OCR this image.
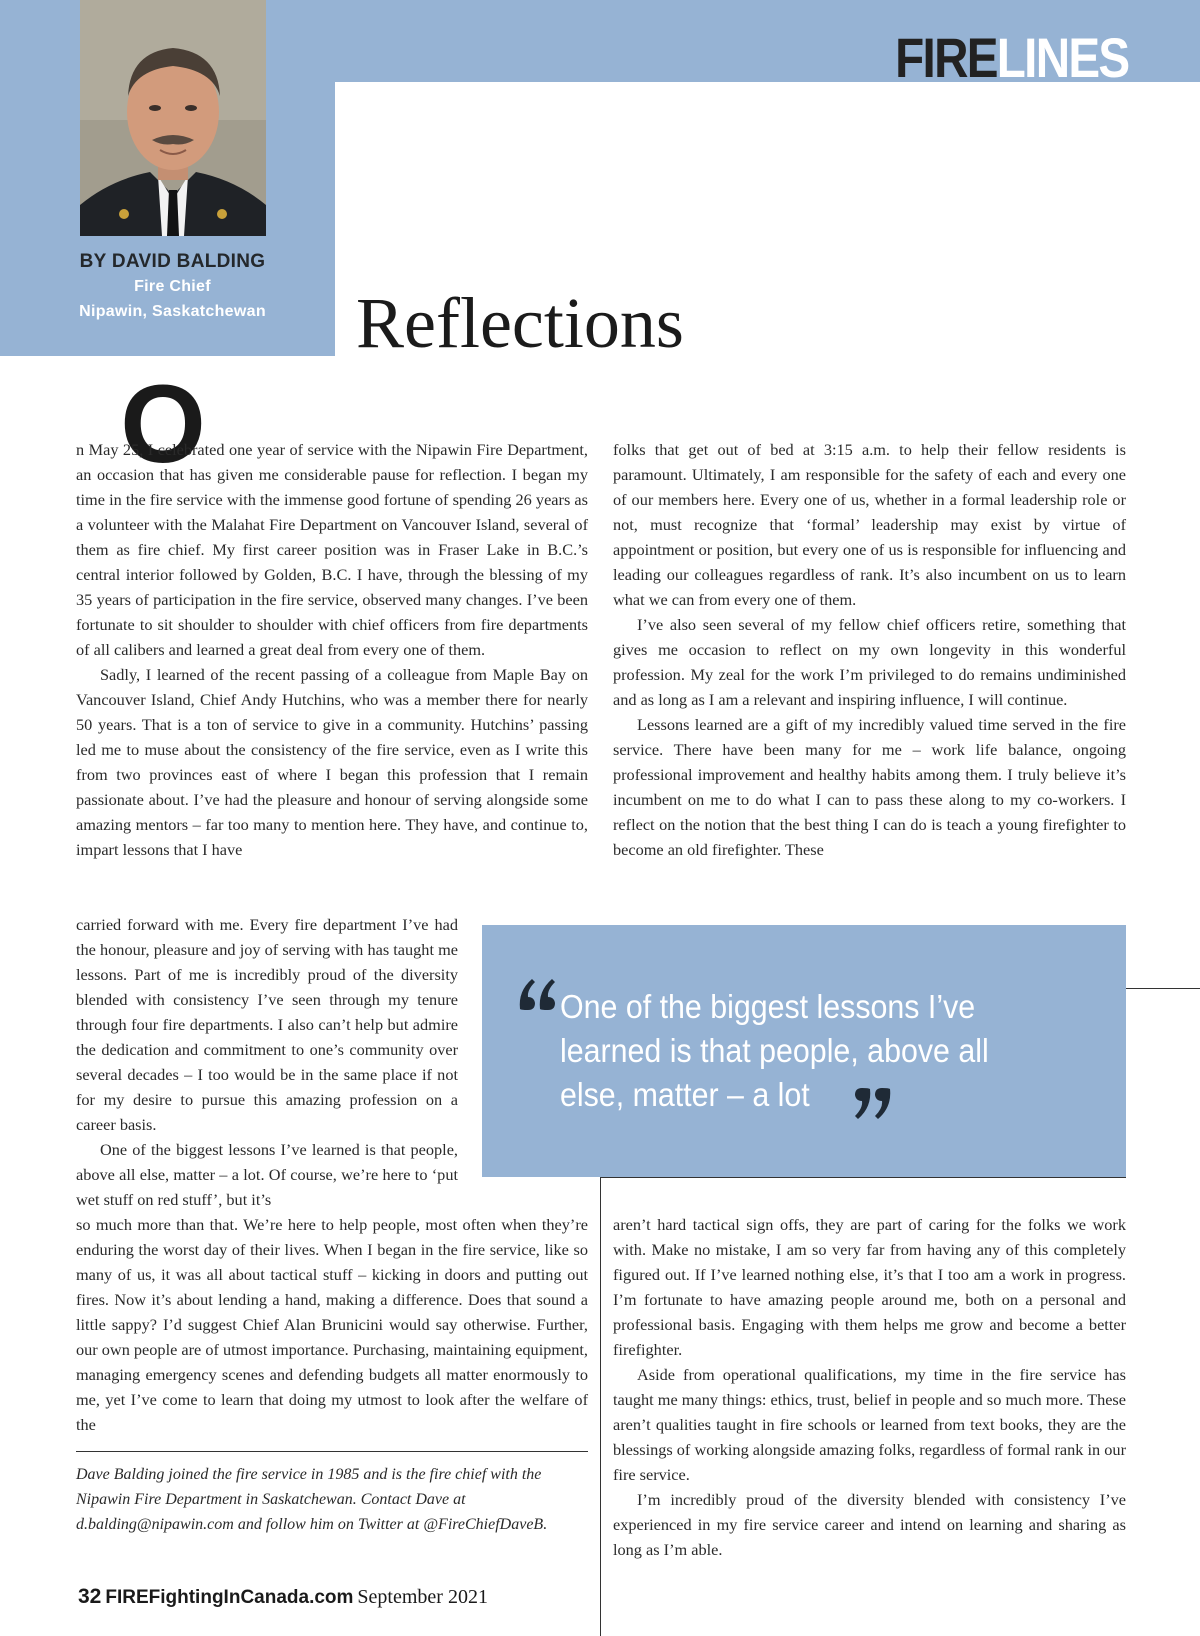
FIRELINES
BY DAVID BALDING
Fire Chief
Nipawin, Saskatchewan	Reflections
O

n May 25, I celebrated one year of service with the Nipawin Fire Department, an occasion that has given me considerable pause for reflection. I began my time in the fire service with the immense good fortune of spending 26 years as a volunteer with the Malahat Fire Department on Vancouver Island, several of them as fire chief. My first career position was in Fraser Lake in B.C.’s central interior followed by Golden, B.C. I have, through the blessing of my 35 years of participation in the fire service, observed many changes. I’ve been fortunate to sit shoulder to shoulder with chief officers from fire departments of all calibers and learned a great deal from every one of them.

Sadly, I learned of the recent passing of a colleague from Maple Bay on Vancouver Island, Chief Andy Hutchins, who was a member there for nearly 50 years. That is a ton of service to give in a community. Hutchins’ passing led me to muse about the consistency of the fire service, even as I write this from two provinces east of where I began this profession that I remain passionate about. I’ve had the pleasure and honour of serving alongside some amazing mentors – far too many to mention here. They have, and continue to, impart lessons that I have

carried forward with me. Every fire department I’ve had the honour, pleasure and joy of serving with has taught me lessons. Part of me is incredibly proud of the diversity blended with consistency I’ve seen through my tenure through four fire departments. I also can’t help but admire the dedication and commitment to one’s community over several decades – I too would be in the same place if not for my desire to pursue this amazing profession on a career basis.

One of the biggest lessons I’ve learned is that people, above all else, matter – a lot. Of course, we’re here to ‘put wet stuff on red stuff’, but it’s

so much more than that. We’re here to help people, most often when they’re enduring the worst day of their lives. When I began in the fire service, like so many of us, it was all about tactical stuff – kicking in doors and putting out fires. Now it’s about lending a hand, making a difference. Does that sound a little sappy? I’d suggest Chief Alan Brunicini would say otherwise. Further, our own people are of utmost importance. Purchasing, maintaining equipment, managing emergency scenes and defending budgets all matter enormously to me, yet I’ve come to learn that doing my utmost to look after the welfare of the

folks that get out of bed at 3:15 a.m. to help their fellow residents is paramount. Ultimately, I am responsible for the safety of each and every one of our members here. Every one of us, whether in a formal leadership role or not, must recognize that ‘formal’ leadership may exist by virtue of appointment or position, but every one of us is responsible for influencing and leading our colleagues regardless of rank. It’s also incumbent on us to learn what we can from every one of them.

I’ve also seen several of my fellow chief officers retire, something that gives me occasion to reflect on my own longevity in this wonderful profession. My zeal for the work I’m privileged to do remains undiminished and as long as I am a relevant and inspiring influence, I will continue.

Lessons learned are a gift of my incredibly valued time served in the fire service. There have been many for me – work life balance, ongoing professional improvement and healthy habits among them. I truly believe it’s incumbent on me to do what I can to pass these along to my co-workers. I reflect on the notion that the best thing I can do is teach a young firefighter to become an old firefighter. These

aren’t hard tactical sign offs, they are part of caring for the folks we work with. Make no mistake, I am so very far from having any of this completely figured out. If I’ve learned nothing else, it’s that I too am a work in progress. I’m fortunate to have amazing people around me, both on a personal and professional basis. Engaging with them helps me grow and become a better firefighter.

Aside from operational qualifications, my time in the fire service has taught me many things: ethics, trust, belief in people and so much more. These aren’t qualities taught in fire schools or learned from text books, they are the blessings of working alongside amazing folks, regardless of formal rank in our fire service.

I’m incredibly proud of the diversity blended with consistency I’ve experienced in my fire service career and intend on learning and sharing as long as I’m able.

One of the biggest lessons I’ve learned is that people, above all else, matter – a lot
Dave Balding joined the fire service in 1985 and is the fire chief with the Nipawin Fire Department in Saskatchewan. Contact Dave at d.balding@nipawin.com and follow him on Twitter at @FireChiefDaveB.
32 FIREFightingInCanada.com September 2021
